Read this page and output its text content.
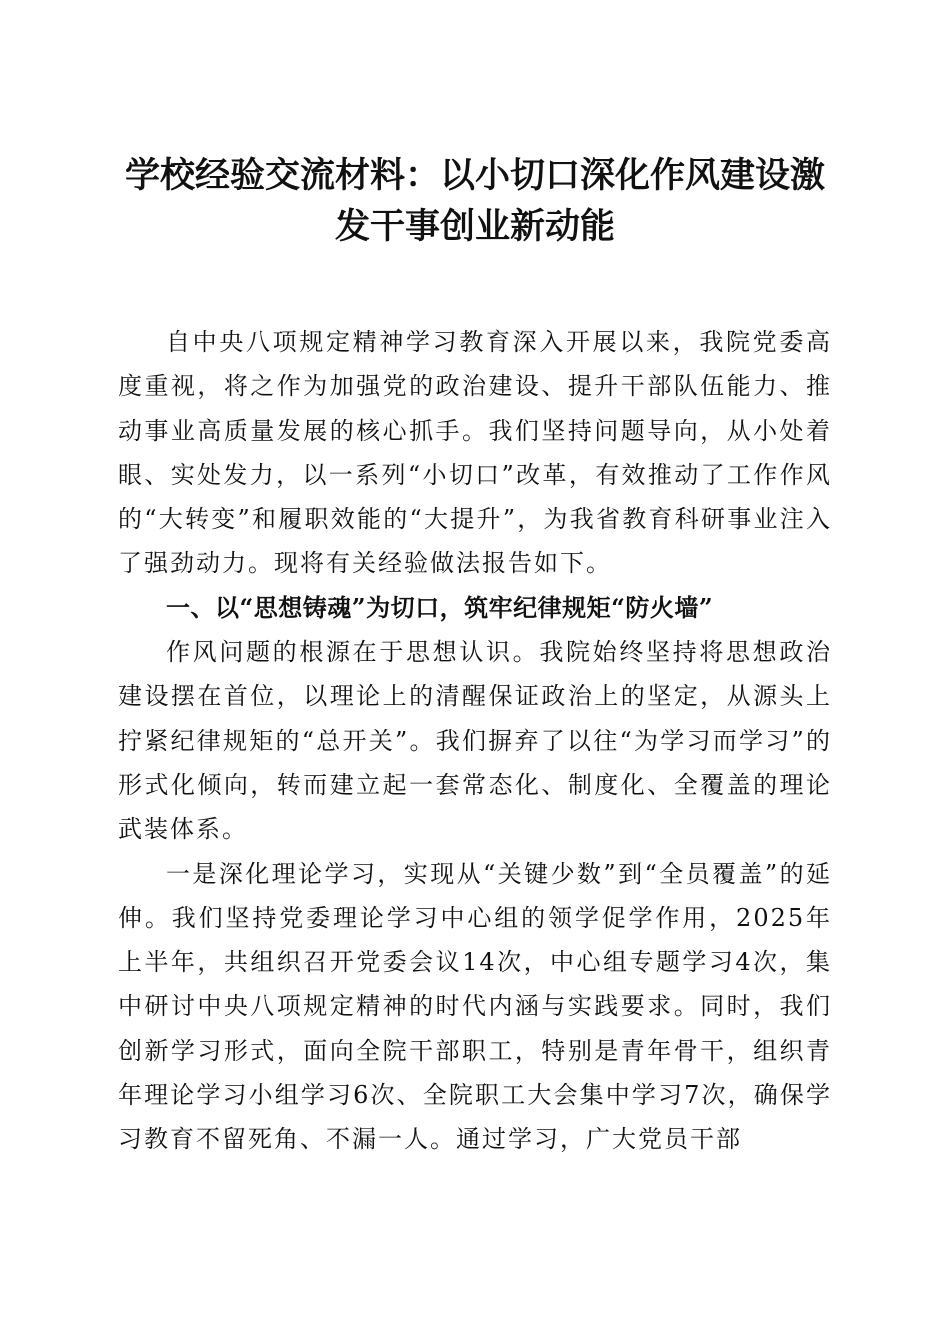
学校经验交流材料：以小切口深化作风建设激
发干事创业新动能

自中央八项规定精神学习教育深入开展以来，我院党委高度重视，将之作为加强党的政治建设、提升干部队伍能力、推动事业高质量发展的核心抓手。我们坚持问题导向，从小处着眼、实处发力，以一系列“小切口”改革，有效推动了工作作风的“大转变”和履职效能的“大提升”，为我省教育科研事业注入了强劲动力。现将有关经验做法报告如下。

一、以“思想铸魂”为切口，筑牢纪律规矩“防火墙”

作风问题的根源在于思想认识。我院始终坚持将思想政治建设摆在首位，以理论上的清醒保证政治上的坚定，从源头上拧紧纪律规矩的“总开关”。我们摒弃了以往“为学习而学习”的形式化倾向，转而建立起一套常态化、制度化、全覆盖的理论武装体系。

一是深化理论学习，实现从“关键少数”到“全员覆盖”的延伸。我们坚持党委理论学习中心组的领学促学作用，2025年上半年，共组织召开党委会议14次，中心组专题学习4次，集中研讨中央八项规定精神的时代内涵与实践要求。同时，我们创新学习形式，面向全院干部职工，特别是青年骨干，组织青年理论学习小组学习6次、全院职工大会集中学习7次，确保学习教育不留死角、不漏一人。通过学习，广大党员干部
